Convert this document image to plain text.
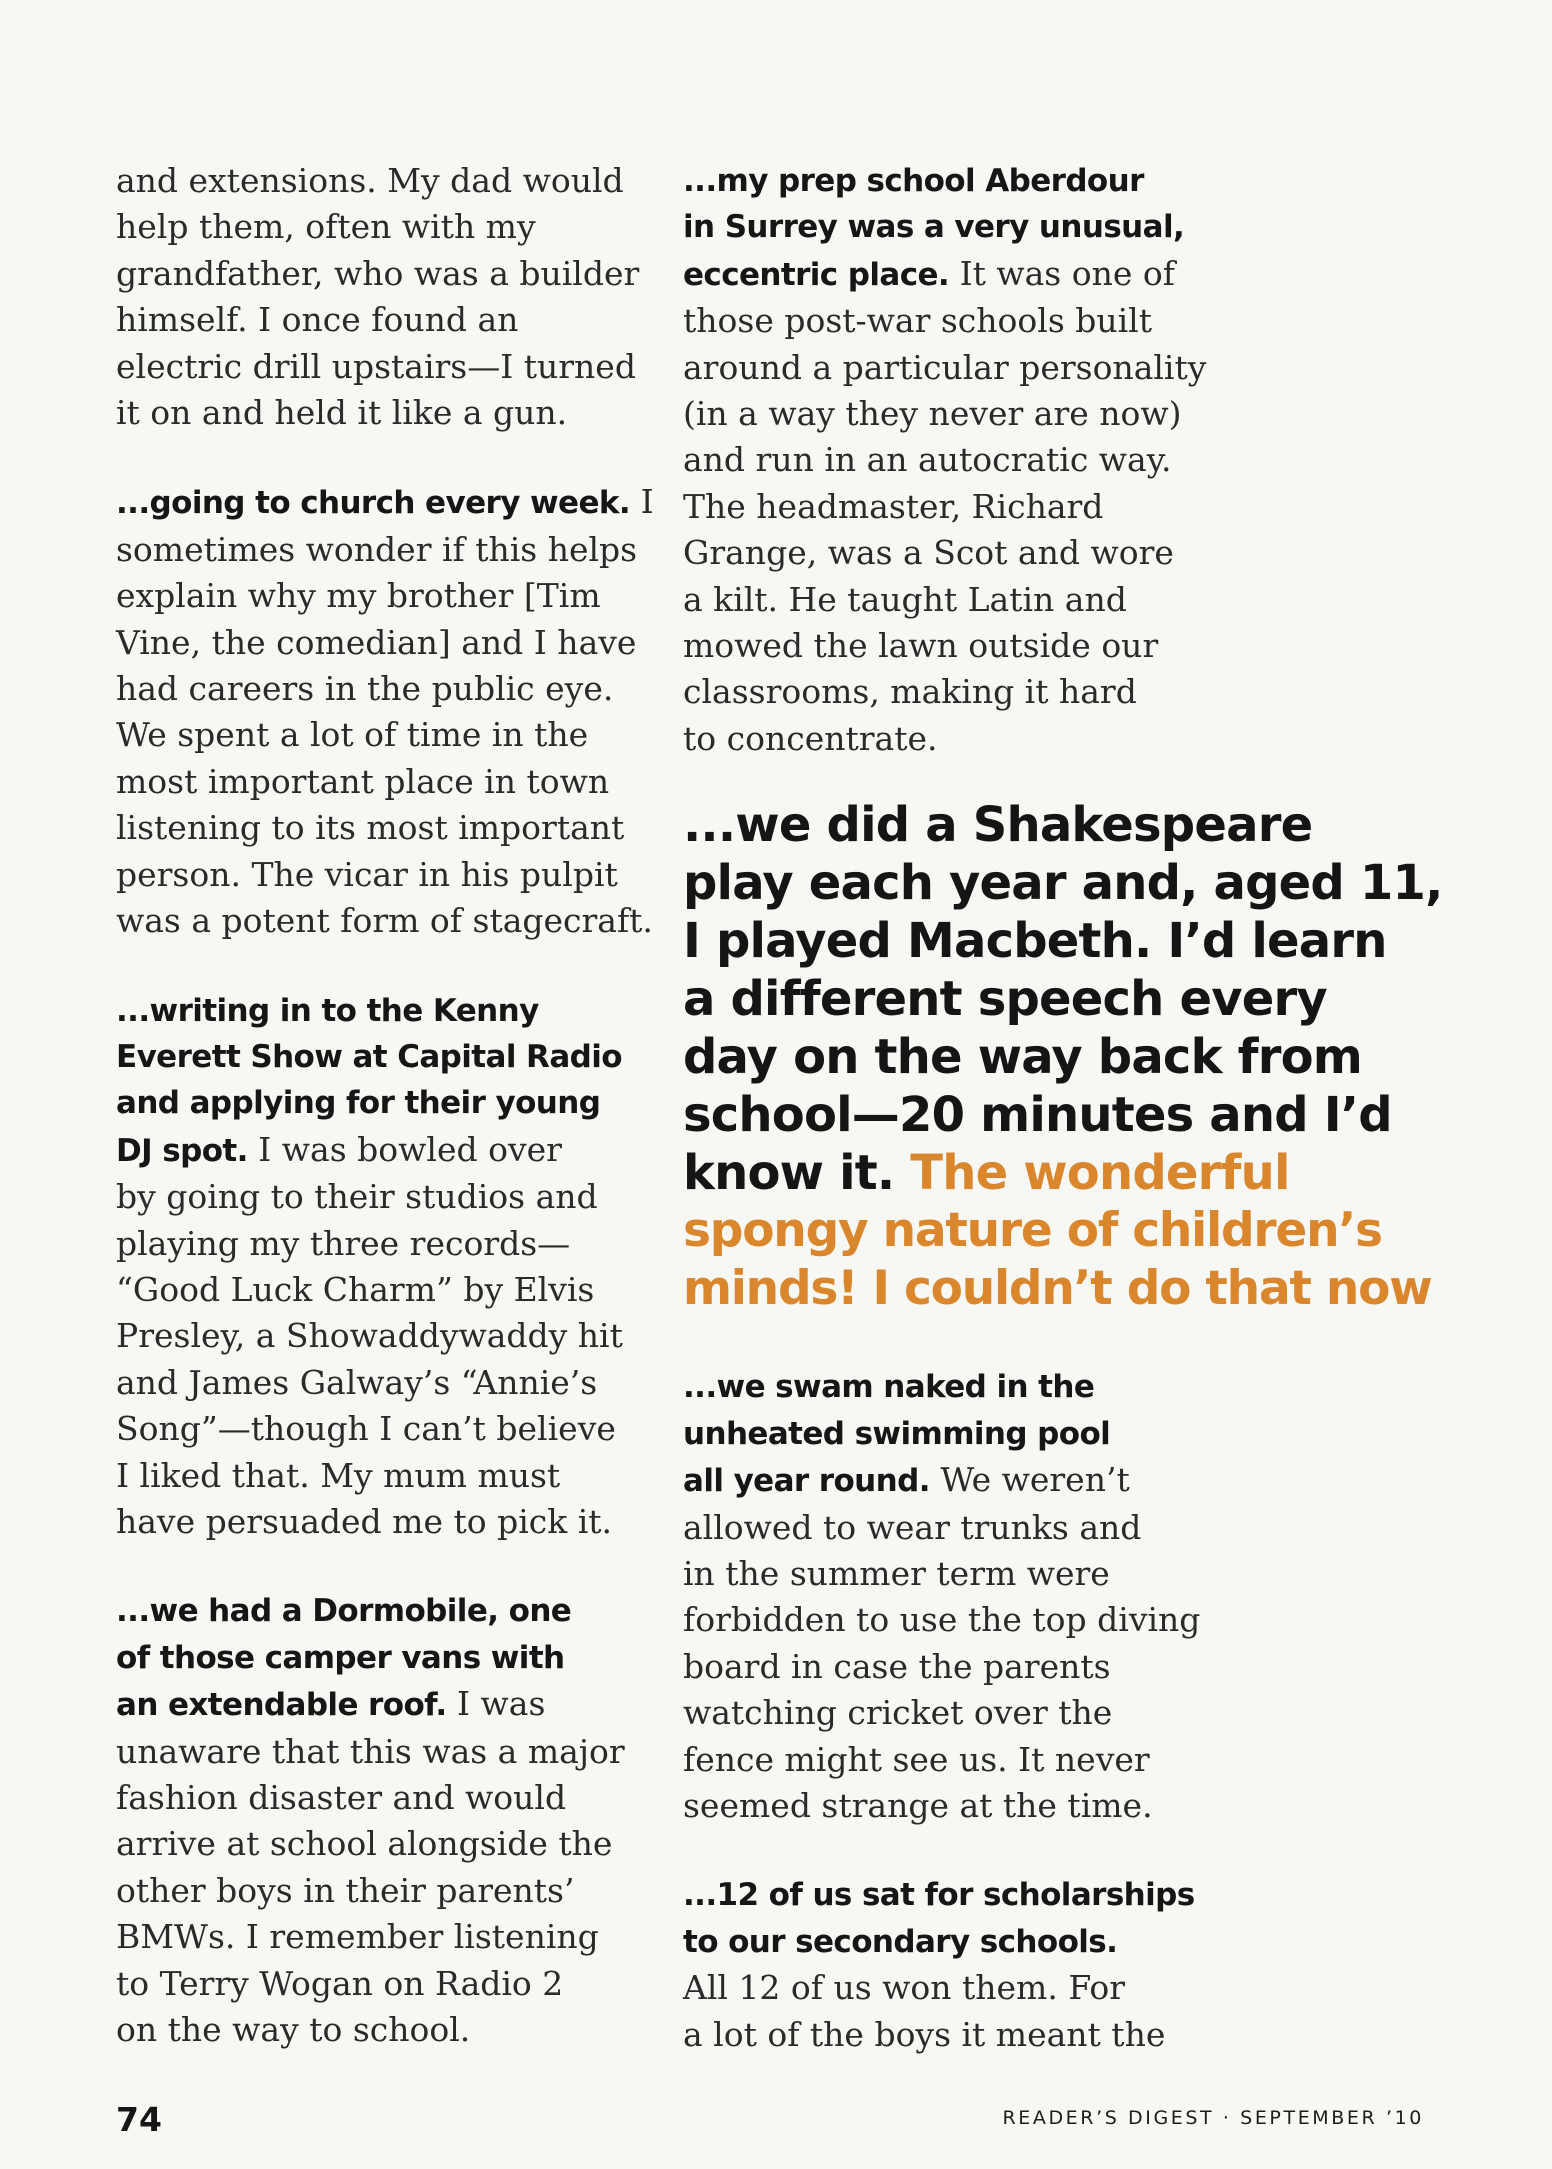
and extensions. My dad would
help them, often with my
grandfather, who was a builder
himself. I once found an
electric drill upstairs—I turned
it on and held it like a gun.

...going to church every week. I
sometimes wonder if this helps
explain why my brother [Tim
Vine, the comedian] and I have
had careers in the public eye.
We spent a lot of time in the
most important place in town
listening to its most important
person. The vicar in his pulpit
was a potent form of stagecraft.

...writing in to the Kenny
Everett Show at Capital Radio
and applying for their young
DJ spot. I was bowled over
by going to their studios and
playing my three records—
“Good Luck Charm” by Elvis
Presley, a Showaddywaddy hit
and James Galway’s “Annie’s
Song”—though I can’t believe
I liked that. My mum must
have persuaded me to pick it.

...we had a Dormobile, one
of those camper vans with
an extendable roof. I was
unaware that this was a major
fashion disaster and would
arrive at school alongside the
other boys in their parents’
BMWs. I remember listening
to Terry Wogan on Radio 2
on the way to school.

...my prep school Aberdour
in Surrey was a very unusual,
eccentric place. It was one of
those post-war schools built
around a particular personality
(in a way they never are now)
and run in an autocratic way.
The headmaster, Richard
Grange, was a Scot and wore
a kilt. He taught Latin and
mowed the lawn outside our
classrooms, making it hard
to concentrate.

...we did a Shakespeare
play each year and, aged 11,
I played Macbeth. I’d learn
a different speech every
day on the way back from
school—20 minutes and I’d
know it. The wonderful
spongy nature of children’s
minds! I couldn’t do that now

...we swam naked in the
unheated swimming pool
all year round. We weren’t
allowed to wear trunks and
in the summer term were
forbidden to use the top diving
board in case the parents
watching cricket over the
fence might see us. It never
seemed strange at the time.

...12 of us sat for scholarships
to our secondary schools.
All 12 of us won them. For
a lot of the boys it meant the

74	READER’S DIGEST · SEPTEMBER ’10
